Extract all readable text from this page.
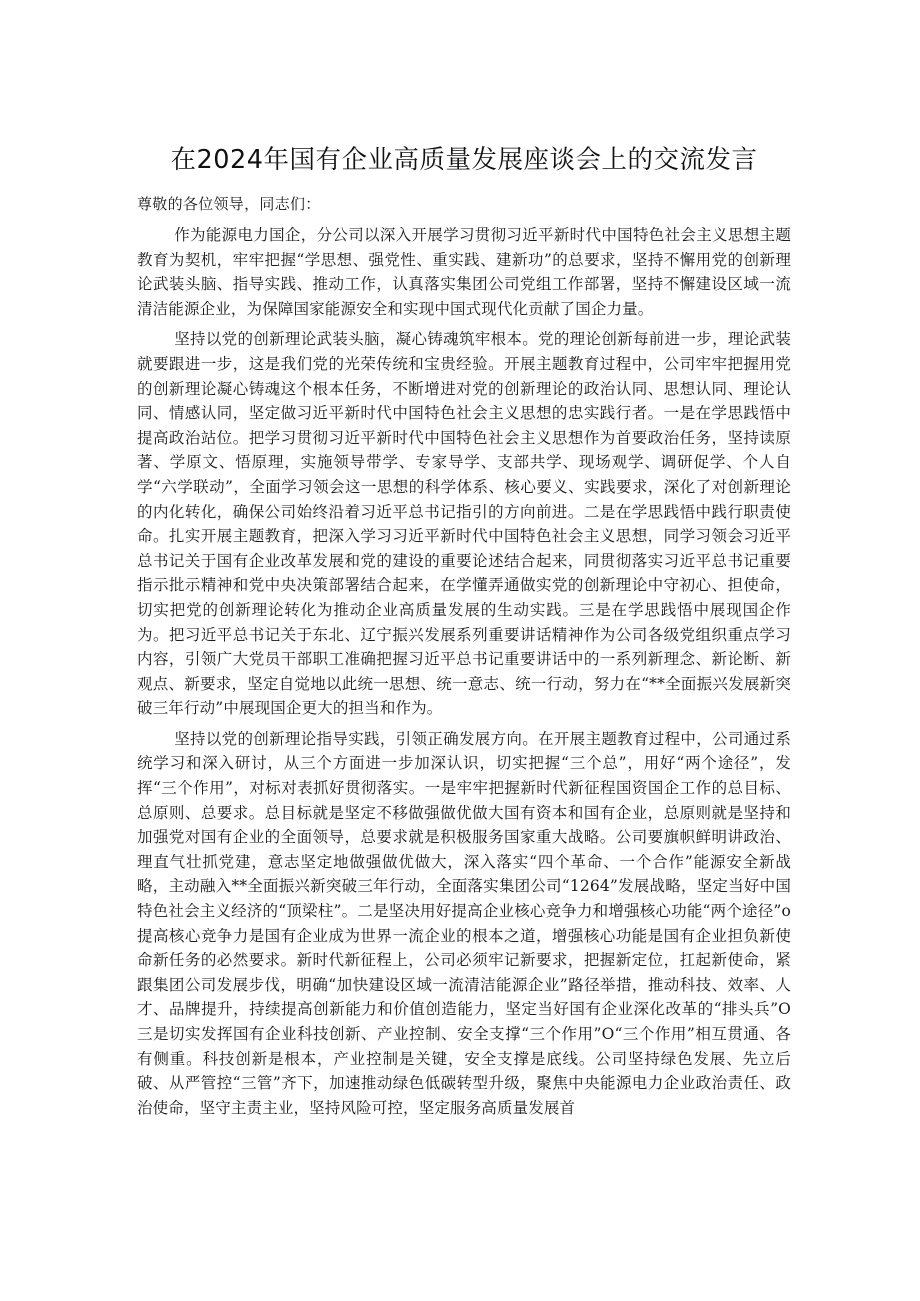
在2024年国有企业高质量发展座谈会上的交流发言

尊敬的各位领导，同志们：

作为能源电力国企，分公司以深入开展学习贯彻习近平新时代中国特色社会主义思想主题教育为契机，牢牢把握“学思想、强党性、重实践、建新功”的总要求，坚持不懈用党的创新理论武装头脑、指导实践、推动工作，认真落实集团公司党组工作部署，坚持不懈建设区域一流清洁能源企业，为保障国家能源安全和实现中国式现代化贡献了国企力量。

坚持以党的创新理论武装头脑，凝心铸魂筑牢根本。党的理论创新每前进一步，理论武装就要跟进一步，这是我们党的光荣传统和宝贵经验。开展主题教育过程中，公司牢牢把握用党的创新理论凝心铸魂这个根本任务，不断增进对党的创新理论的政治认同、思想认同、理论认同、情感认同，坚定做习近平新时代中国特色社会主义思想的忠实践行者。一是在学思践悟中提高政治站位。把学习贯彻习近平新时代中国特色社会主义思想作为首要政治任务，坚持读原著、学原文、悟原理，实施领导带学、专家导学、支部共学、现场观学、调研促学、个人自学“六学联动”，全面学习领会这一思想的科学体系、核心要义、实践要求，深化了对创新理论的内化转化，确保公司始终沿着习近平总书记指引的方向前进。二是在学思践悟中践行职责使命。扎实开展主题教育，把深入学习习近平新时代中国特色社会主义思想，同学习领会习近平总书记关于国有企业改革发展和党的建设的重要论述结合起来，同贯彻落实习近平总书记重要指示批示精神和党中央决策部署结合起来，在学懂弄通做实党的创新理论中守初心、担使命，切实把党的创新理论转化为推动企业高质量发展的生动实践。三是在学思践悟中展现国企作为。把习近平总书记关于东北、辽宁振兴发展系列重要讲话精神作为公司各级党组织重点学习内容，引领广大党员干部职工准确把握习近平总书记重要讲话中的一系列新理念、新论断、新观点、新要求，坚定自觉地以此统一思想、统一意志、统一行动，努力在“**全面振兴发展新突破三年行动”中展现国企更大的担当和作为。

坚持以党的创新理论指导实践，引领正确发展方向。在开展主题教育过程中，公司通过系统学习和深入研讨，从三个方面进一步加深认识，切实把握“三个总”，用好“两个途径”，发挥“三个作用”，对标对表抓好贯彻落实。一是牢牢把握新时代新征程国资国企工作的总目标、总原则、总要求。总目标就是坚定不移做强做优做大国有资本和国有企业，总原则就是坚持和加强党对国有企业的全面领导，总要求就是积极服务国家重大战略。公司要旗帜鲜明讲政治、理直气壮抓党建，意志坚定地做强做优做大，深入落实“四个革命、一个合作”能源安全新战略，主动融入**全面振兴新突破三年行动，全面落实集团公司“1264”发展战略，坚定当好中国特色社会主义经济的“顶梁柱”。二是坚决用好提高企业核心竞争力和增强核心功能“两个途径”o提高核心竞争力是国有企业成为世界一流企业的根本之道，增强核心功能是国有企业担负新使命新任务的必然要求。新时代新征程上，公司必须牢记新要求，把握新定位，扛起新使命，紧跟集团公司发展步伐，明确“加快建设区域一流清洁能源企业”路径举措，推动科技、效率、人才、品牌提升，持续提高创新能力和价值创造能力，坚定当好国有企业深化改革的“排头兵”O三是切实发挥国有企业科技创新、产业控制、安全支撑“三个作用”O“三个作用”相互贯通、各有侧重。科技创新是根本，产业控制是关键，安全支撑是底线。公司坚持绿色发展、先立后破、从严管控“三管”齐下，加速推动绿色低碳转型升级，聚焦中央能源电力企业政治责任、政治使命，坚守主责主业，坚持风险可控，坚定服务高质量发展首
